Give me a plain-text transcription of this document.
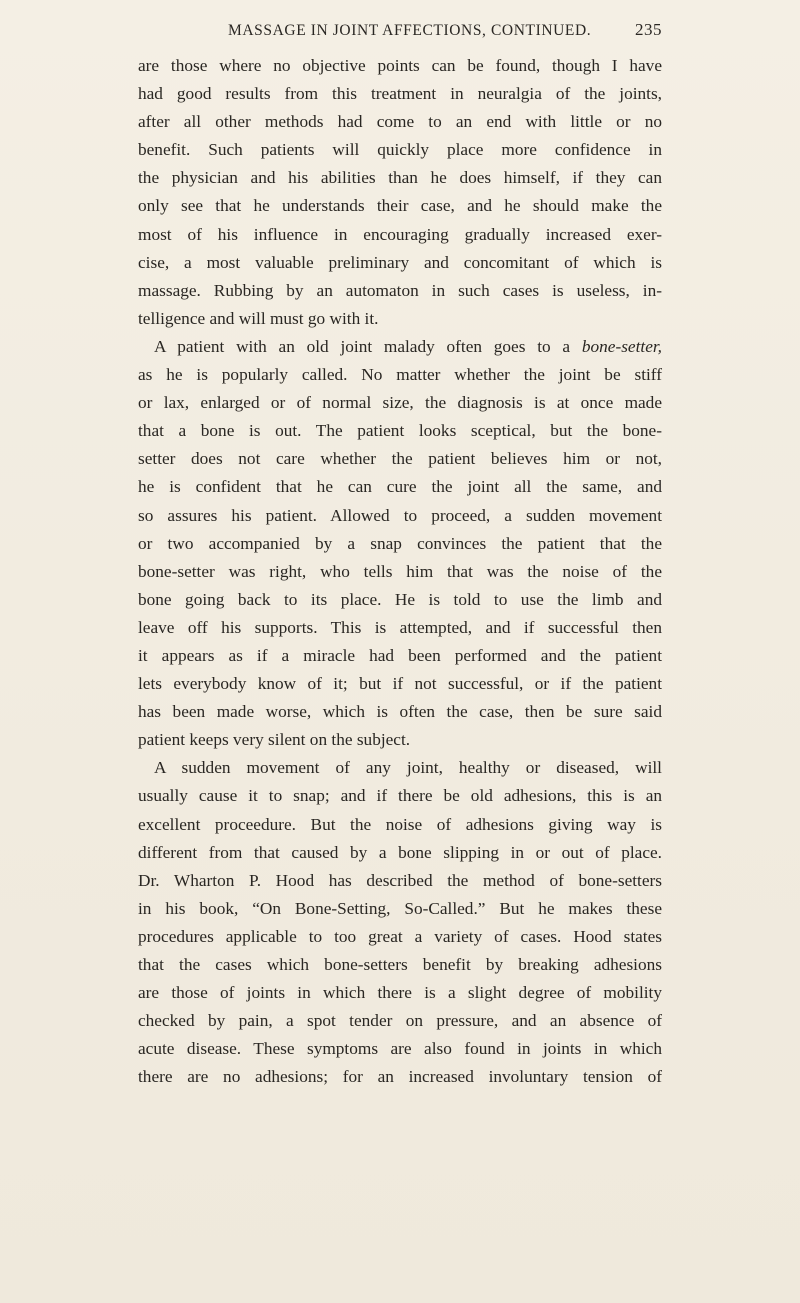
MASSAGE IN JOINT AFFECTIONS, CONTINUED.	235
are those where no objective points can be found, though I have
had good results from this treatment in neuralgia of the joints,
after all other methods had come to an end with little or no
benefit. Such patients will quickly place more confidence in
the physician and his abilities than he does himself, if they can
only see that he understands their case, and he should make the
most of his influence in encouraging gradually increased exer-
cise, a most valuable preliminary and concomitant of which is
massage. Rubbing by an automaton in such cases is useless, in-
telligence and will must go with it.
A patient with an old joint malady often goes to a bone-setter,
as he is popularly called. No matter whether the joint be stiff
or lax, enlarged or of normal size, the diagnosis is at once made
that a bone is out. The patient looks sceptical, but the bone-
setter does not care whether the patient believes him or not,
he is confident that he can cure the joint all the same, and
so assures his patient. Allowed to proceed, a sudden movement
or two accompanied by a snap convinces the patient that the
bone-setter was right, who tells him that was the noise of the
bone going back to its place. He is told to use the limb and
leave off his supports. This is attempted, and if successful then
it appears as if a miracle had been performed and the patient
lets everybody know of it; but if not successful, or if the patient
has been made worse, which is often the case, then be sure said
patient keeps very silent on the subject.
A sudden movement of any joint, healthy or diseased, will
usually cause it to snap; and if there be old adhesions, this is an
excellent proceedure. But the noise of adhesions giving way is
different from that caused by a bone slipping in or out of place.
Dr. Wharton P. Hood has described the method of bone-setters
in his book, “On Bone-Setting, So-Called.” But he makes these
procedures applicable to too great a variety of cases. Hood states
that the cases which bone-setters benefit by breaking adhesions
are those of joints in which there is a slight degree of mobility
checked by pain, a spot tender on pressure, and an absence of
acute disease. These symptoms are also found in joints in which
there are no adhesions; for an increased involuntary tension of
